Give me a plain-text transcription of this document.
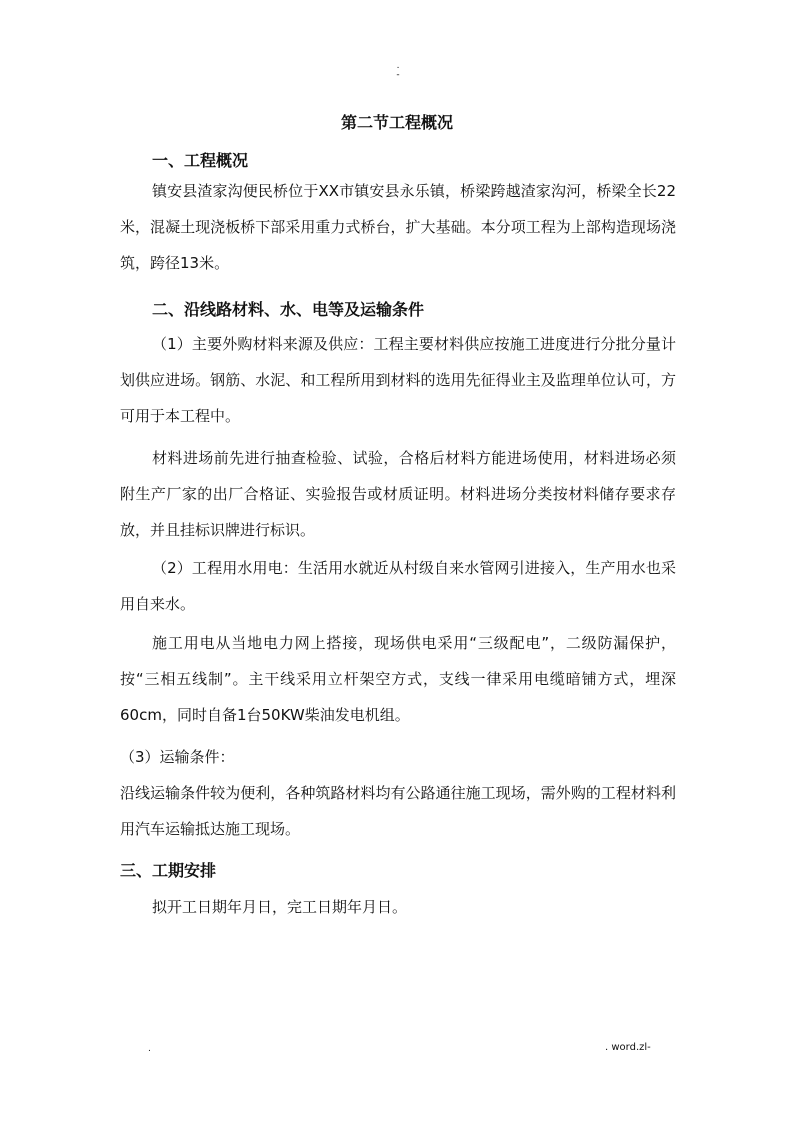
.
-
第二节工程概况
一、工程概况
镇安县渣家沟便民桥位于XX市镇安县永乐镇，桥梁跨越渣家沟河，桥梁全长22米，混凝土现浇板桥下部采用重力式桥台，扩大基础。本分项工程为上部构造现场浇筑，跨径13米。
二、沿线路材料、水、电等及运输条件
（1）主要外购材料来源及供应：工程主要材料供应按施工进度进行分批分量计划供应进场。钢筋、水泥、和工程所用到材料的选用先征得业主及监理单位认可，方可用于本工程中。
材料进场前先进行抽查检验、试验，合格后材料方能进场使用，材料进场必须附生产厂家的出厂合格证、实验报告或材质证明。材料进场分类按材料储存要求存放，并且挂标识牌进行标识。
（2）工程用水用电：生活用水就近从村级自来水管网引进接入，生产用水也采用自来水。
施工用电从当地电力网上搭接，现场供电采用“三级配电”，二级防漏保护，按“三相五线制”。主干线采用立杆架空方式，支线一律采用电缆暗铺方式，埋深60cm，同时自备1台50KW柴油发电机组。
（3）运输条件：
沿线运输条件较为便利，各种筑路材料均有公路通往施工现场，需外购的工程材料利用汽车运输抵达施工现场。
三、工期安排
拟开工日期年月日，完工日期年月日。
.	. word.zl-
